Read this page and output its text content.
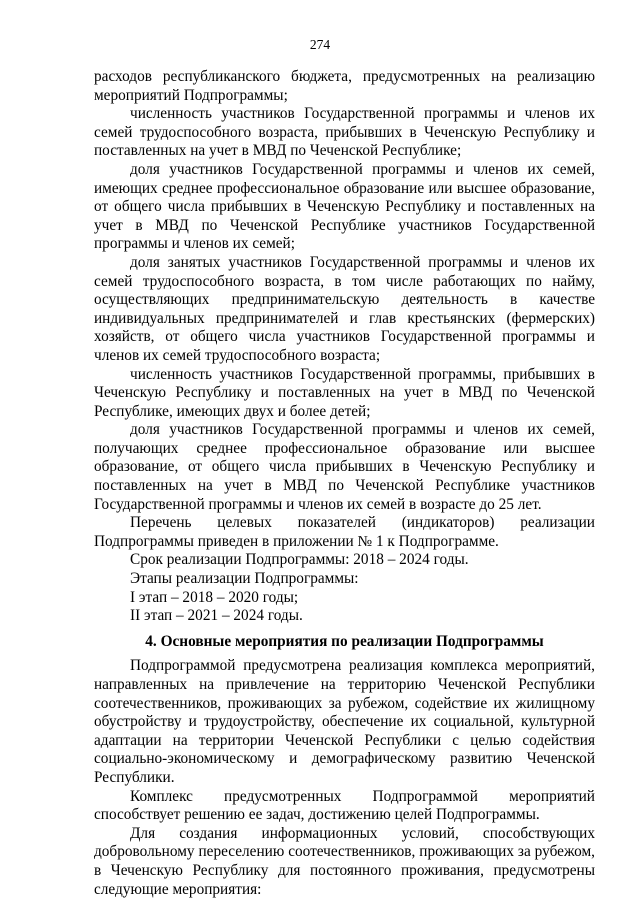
274

расходов республиканского бюджета, предусмотренных на реализацию мероприятий Подпрограммы;

численность участников Государственной программы и членов их семей трудоспособного возраста, прибывших в Чеченскую Республику и поставленных на учет в МВД по Чеченской Республике;

доля участников Государственной программы и членов их семей, имеющих среднее профессиональное образование или высшее образование, от общего числа прибывших в Чеченскую Республику и поставленных на учет в МВД по Чеченской Республике участников Государственной программы и членов их семей;

доля занятых участников Государственной программы и членов их семей трудоспособного возраста, в том числе работающих по найму, осуществляющих предпринимательскую деятельность в качестве индивидуальных предпринимателей и глав крестьянских (фермерских) хозяйств, от общего числа участников Государственной программы и членов их семей трудоспособного возраста;

численность участников Государственной программы, прибывших в Чеченскую Республику и поставленных на учет в МВД по Чеченской Республике, имеющих двух и более детей;

доля участников Государственной программы и членов их семей, получающих среднее профессиональное образование или высшее образование, от общего числа прибывших в Чеченскую Республику и поставленных на учет в МВД по Чеченской Республике участников Государственной программы и членов их семей в возрасте до 25 лет.

Перечень целевых показателей (индикаторов) реализации Подпрограммы приведен в приложении № 1 к Подпрограмме.

Срок реализации Подпрограммы: 2018 – 2024 годы.

Этапы реализации Подпрограммы:

I этап – 2018 – 2020 годы;

II этап – 2021 – 2024 годы.

4. Основные мероприятия по реализации Подпрограммы

Подпрограммой предусмотрена реализация комплекса мероприятий, направленных на привлечение на территорию Чеченской Республики соотечественников, проживающих за рубежом, содействие их жилищному обустройству и трудоустройству, обеспечение их социальной, культурной адаптации на территории Чеченской Республики с целью содействия социально-экономическому и демографическому развитию Чеченской Республики.

Комплекс предусмотренных Подпрограммой мероприятий способствует решению ее задач, достижению целей Подпрограммы.

Для создания информационных условий, способствующих добровольному переселению соотечественников, проживающих за рубежом, в Чеченскую Республику для постоянного проживания, предусмотрены следующие мероприятия:
